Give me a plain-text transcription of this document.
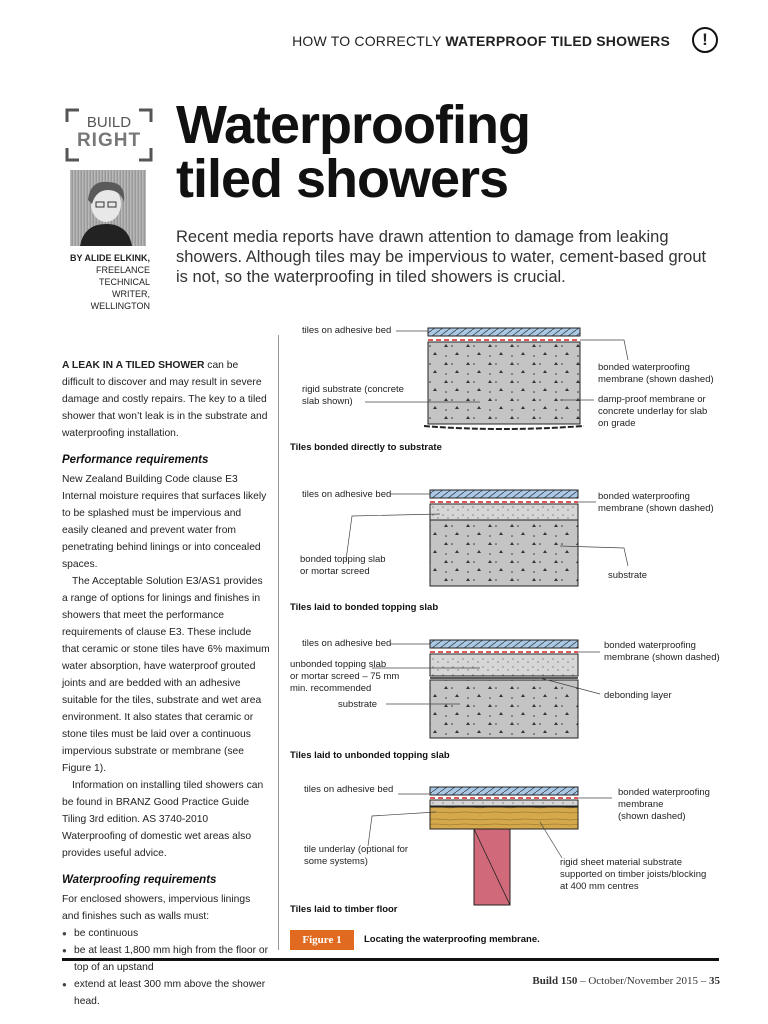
HOW TO CORRECTLY WATERPROOF TILED SHOWERS	!
BUILD
RIGHT
BY ALIDE ELKINK,
FREELANCE TECHNICAL
WRITER, WELLINGTON
Waterproofing
tiled showers
Recent media reports have drawn attention to damage from leaking showers. Although tiles may be impervious to water, cement-based grout is not, so the waterproofing in tiled showers is crucial.

A LEAK IN A TILED SHOWER can be difficult to discover and may result in severe damage and costly repairs. The key to a tiled shower that won’t leak is in the substrate and waterproofing installation.

Performance requirements

New Zealand Building Code clause E3 Internal moisture requires that surfaces likely to be splashed must be impervious and easily cleaned and prevent water from penetrating behind linings or into concealed spaces.

The Acceptable Solution E3/AS1 provides a range of options for linings and finishes in showers that meet the performance requirements of clause E3. These include that ceramic or stone tiles have 6% maximum water absorption, have waterproof grouted joints and are bedded with an adhesive suitable for the tiles, substrate and wet area environment. It also states that ceramic or stone tiles must be laid over a continuous impervious substrate or membrane (see Figure 1).

Information on installing tiled showers can be found in BRANZ Good Practice Guide Tiling 3rd edition. AS 3740-2010 Waterproofing of domestic wet areas also provides useful advice.

Waterproofing requirements

For enclosed showers, impervious linings and finishes such as walls must:

● be continuous
● be at least 1,800 mm high from the floor or top of an upstand
● extend at least 300 mm above the shower head.
tiles on adhesive bed
rigid substrate (concrete
slab shown)
bonded waterproofing
membrane (shown dashed)
damp-proof membrane or
concrete underlay for slab
on grade
Tiles bonded directly to substrate
tiles on adhesive bed
bonded topping slab
or mortar screed
bonded waterproofing
membrane (shown dashed)
substrate
Tiles laid to bonded topping slab
tiles on adhesive bed
unbonded topping slab
or mortar screed – 75 mm
min. recommended
substrate
bonded waterproofing
membrane (shown dashed)
debonding layer
Tiles laid to unbonded topping slab
tiles on adhesive bed
tile underlay (optional for
some systems)
bonded waterproofing
membrane
(shown dashed)
rigid sheet material substrate
supported on timber joists/blocking
at 400 mm centres
Tiles laid to timber floor
Figure 1	Locating the waterproofing membrane.
Build 150 – October/November 2015 – 35
